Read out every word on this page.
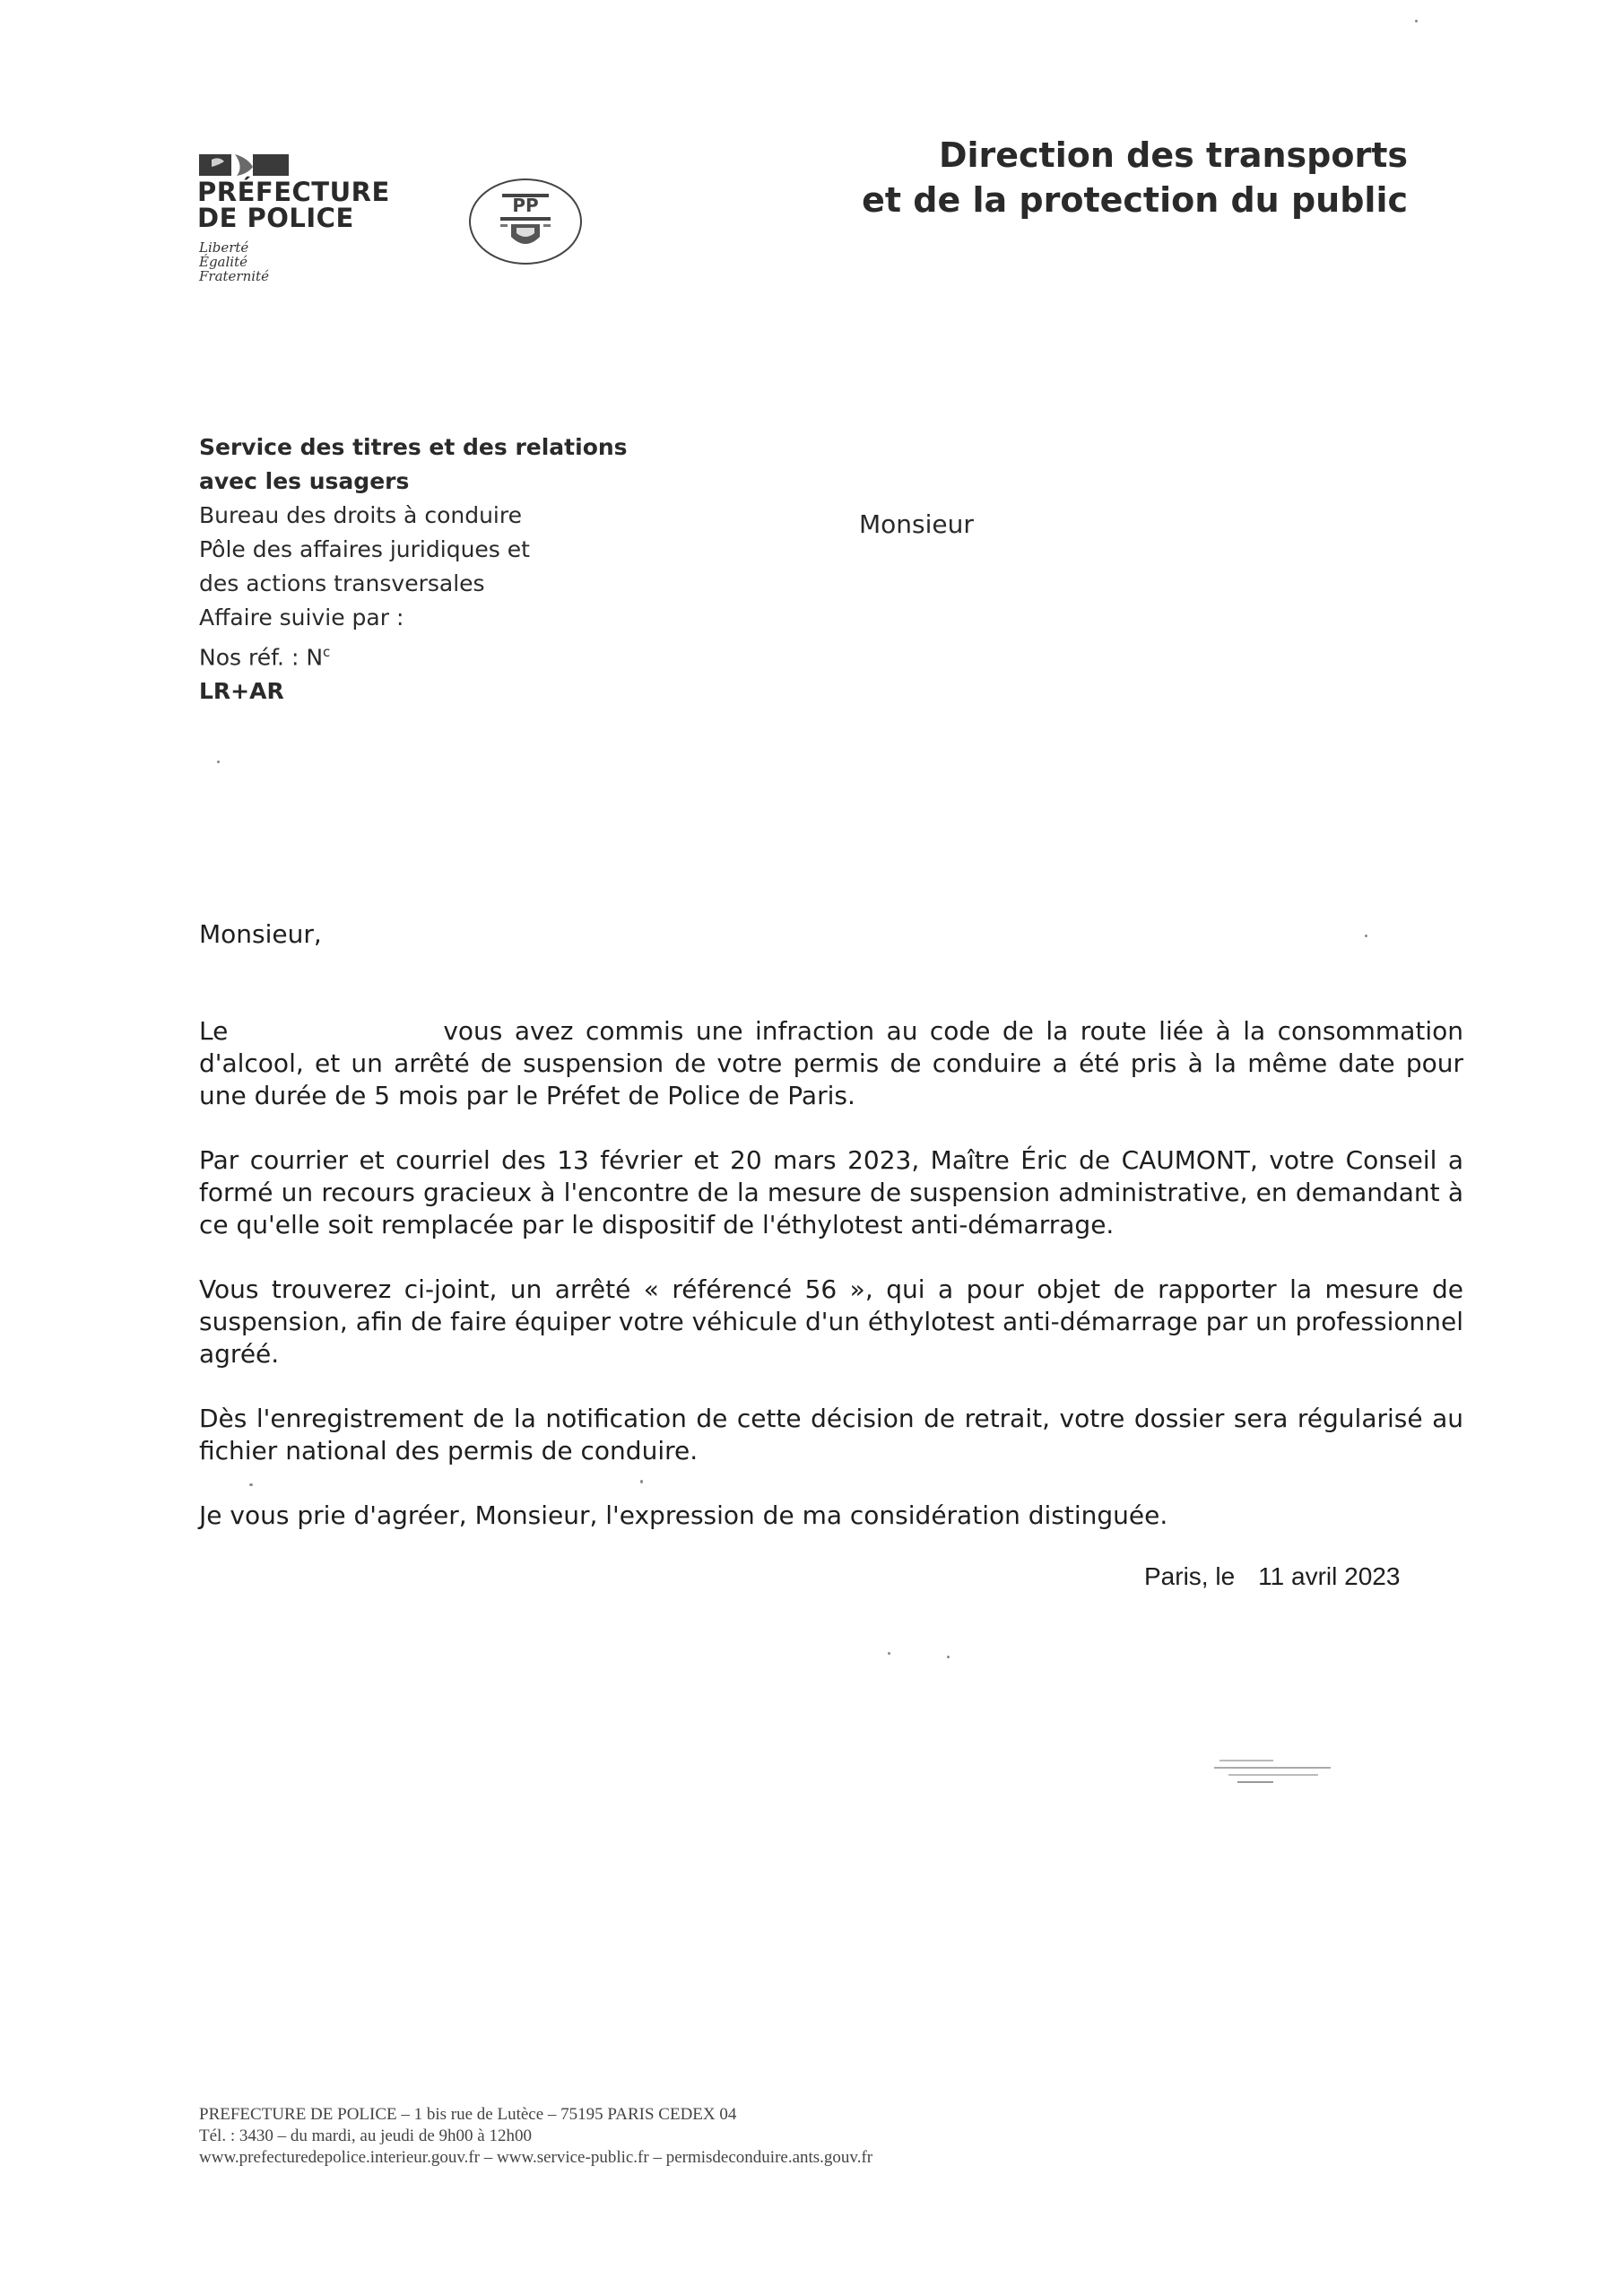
PRÉFECTURE
DE POLICE
Liberté
Égalité
Fraternité
PP
Direction des transports
et de la protection du public
Service des titres et des relations
avec les usagers
Bureau des droits à conduire
Pôle des affaires juridiques et
des actions transversales
Affaire suivie par :
Nos réf. : $N^c$
LR+AR
Monsieur

Monsieur,

Le	vous avez commis une infraction au code de la route liée à la consommation d'alcool, et un arrêté de suspension de votre permis de conduire a été pris à la même date pour une durée de 5 mois par le Préfet de Police de Paris.

Par courrier et courriel des 13 février et 20 mars 2023, Maître Éric de CAUMONT, votre Conseil a formé un recours gracieux à l'encontre de la mesure de suspension administrative, en demandant à ce qu'elle soit remplacée par le dispositif de l'éthylotest anti-démarrage.

Vous trouverez ci-joint, un arrêté « référencé 56 », qui a pour objet de rapporter la mesure de suspension, afin de faire équiper votre véhicule d'un éthylotest anti-démarrage par un professionnel agréé.

Dès l'enregistrement de la notification de cette décision de retrait, votre dossier sera régularisé au fichier national des permis de conduire.

Je vous prie d'agréer, Monsieur, l'expression de ma considération distinguée.

Paris, le 11 avril 2023
PREFECTURE DE POLICE – 1 bis rue de Lutèce – 75195 PARIS CEDEX 04
Tél. : 3430 – du mardi, au jeudi de 9h00 à 12h00
www.prefecturedepolice.interieur.gouv.fr – www.service-public.fr – permisdeconduire.ants.gouv.fr
